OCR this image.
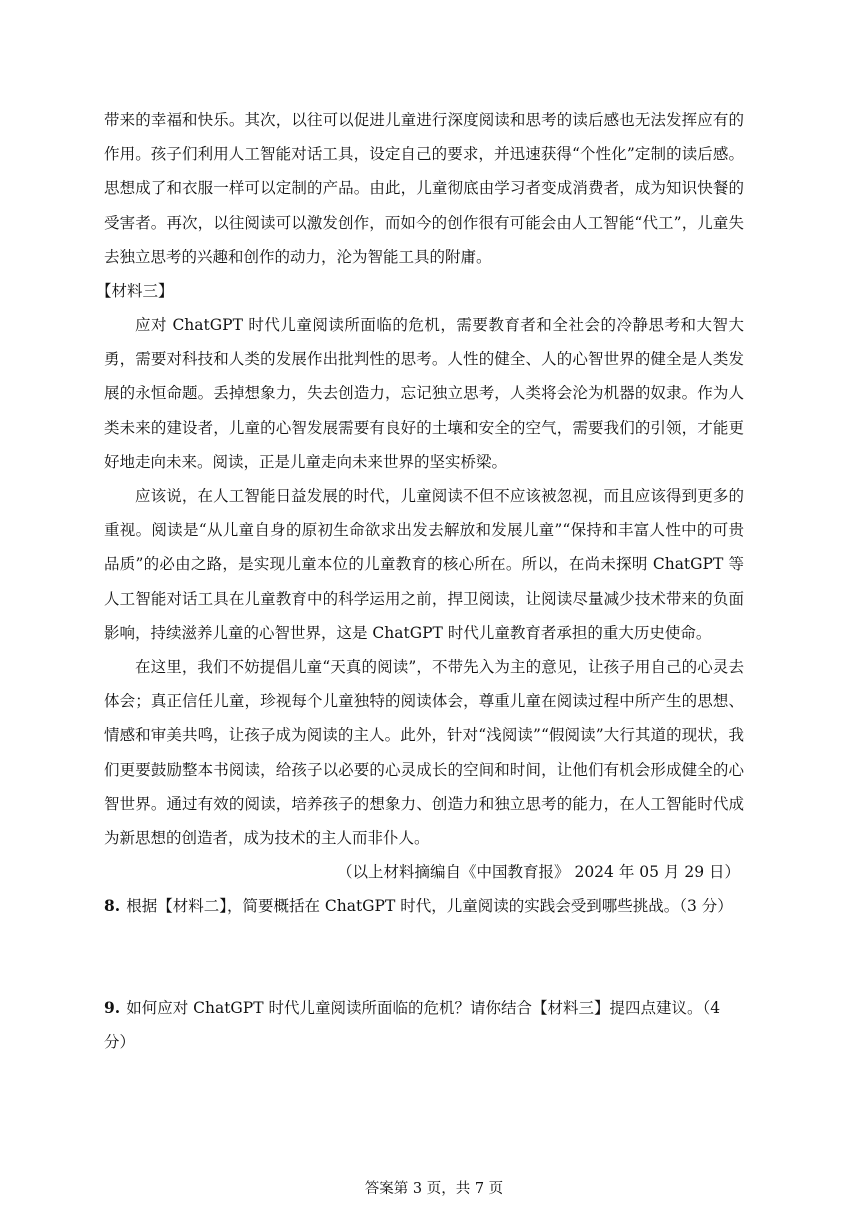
带来的幸福和快乐。其次，以往可以促进儿童进行深度阅读和思考的读后感也无法发挥应有的作用。孩子们利用人工智能对话工具，设定自己的要求，并迅速获得“个性化”定制的读后感。思想成了和衣服一样可以定制的产品。由此，儿童彻底由学习者变成消费者，成为知识快餐的受害者。再次，以往阅读可以激发创作，而如今的创作很有可能会由人工智能“代工”，儿童失去独立思考的兴趣和创作的动力，沦为智能工具的附庸。

【材料三】

应对 ChatGPT 时代儿童阅读所面临的危机，需要教育者和全社会的冷静思考和大智大勇，需要对科技和人类的发展作出批判性的思考。人性的健全、人的心智世界的健全是人类发展的永恒命题。丢掉想象力，失去创造力，忘记独立思考，人类将会沦为机器的奴隶。作为人类未来的建设者，儿童的心智发展需要有良好的土壤和安全的空气，需要我们的引领，才能更好地走向未来。阅读，正是儿童走向未来世界的坚实桥梁。

应该说，在人工智能日益发展的时代，儿童阅读不但不应该被忽视，而且应该得到更多的重视。阅读是“从儿童自身的原初生命欲求出发去解放和发展儿童”“保持和丰富人性中的可贵品质”的必由之路，是实现儿童本位的儿童教育的核心所在。所以，在尚未探明 ChatGPT 等人工智能对话工具在儿童教育中的科学运用之前，捍卫阅读，让阅读尽量减少技术带来的负面影响，持续滋养儿童的心智世界，这是 ChatGPT 时代儿童教育者承担的重大历史使命。

在这里，我们不妨提倡儿童“天真的阅读”，不带先入为主的意见，让孩子用自己的心灵去体会；真正信任儿童，珍视每个儿童独特的阅读体会，尊重儿童在阅读过程中所产生的思想、情感和审美共鸣，让孩子成为阅读的主人。此外，针对“浅阅读”“假阅读”大行其道的现状，我们更要鼓励整本书阅读，给孩子以必要的心灵成长的空间和时间，让他们有机会形成健全的心智世界。通过有效的阅读，培养孩子的想象力、创造力和独立思考的能力，在人工智能时代成为新思想的创造者，成为技术的主人而非仆人。

（以上材料摘编自《中国教育报》 2024 年 05 月 29 日）

8. 根据【材料二】，简要概括在 ChatGPT 时代，儿童阅读的实践会受到哪些挑战。（3 分）
9. 如何应对 ChatGPT 时代儿童阅读所面临的危机？请你结合【材料三】提四点建议。（4 分）
答案第 3 页，共 7 页
